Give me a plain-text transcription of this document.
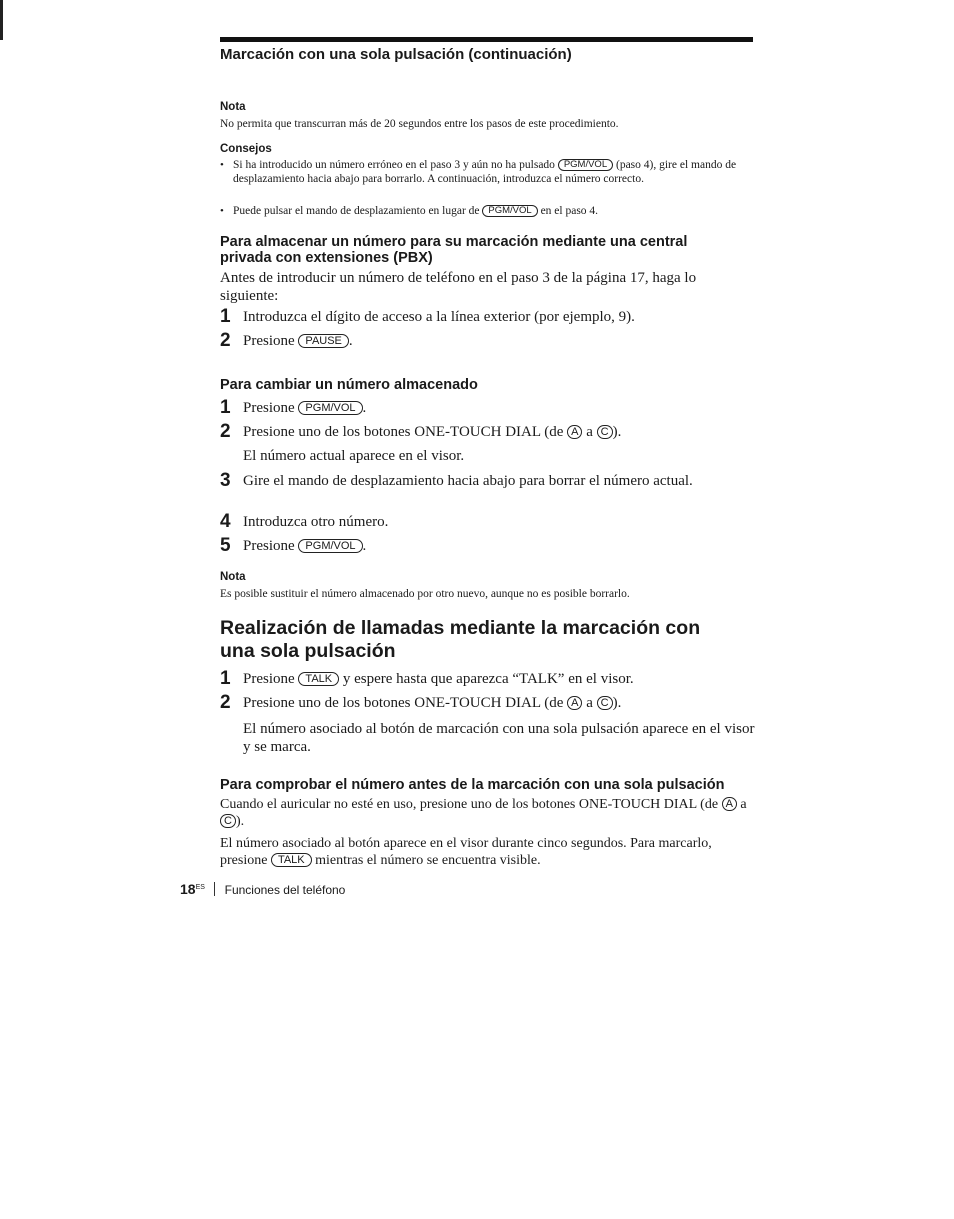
Marcación con una sola pulsación (continuación)
Nota
No permita que transcurran más de 20 segundos entre los pasos de este procedimiento.
Consejos
• Si ha introducido un número erróneo en el paso 3 y aún no ha pulsado PGM/VOL (paso 4), gire el mando de desplazamiento hacia abajo para borrarlo. A continuación, introduzca el número correcto.
• Puede pulsar el mando de desplazamiento en lugar de PGM/VOL en el paso 4.
Para almacenar un número para su marcación mediante una central privada con extensiones (PBX)
Antes de introducir un número de teléfono en el paso 3 de la página 17, haga lo siguiente:
1 Introduzca el dígito de acceso a la línea exterior (por ejemplo, 9).
2 Presione PAUSE .
Para cambiar un número almacenado
1 Presione PGM/VOL .
2 Presione uno de los botones ONE-TOUCH DIAL (de A a C ).
El número actual aparece en el visor.
3 Gire el mando de desplazamiento hacia abajo para borrar el número actual.
4 Introduzca otro número.
5 Presione PGM/VOL .
Nota
Es posible sustituir el número almacenado por otro nuevo, aunque no es posible borrarlo.
Realización de llamadas mediante la marcación con una sola pulsación
1 Presione TALK y espere hasta que aparezca “TALK” en el visor.
2 Presione uno de los botones ONE-TOUCH DIAL (de A a C ).
El número asociado al botón de marcación con una sola pulsación aparece en el visor y se marca.
Para comprobar el número antes de la marcación con una sola pulsación
Cuando el auricular no esté en uso, presione uno de los botones ONE-TOUCH DIAL (de A a C ).
El número asociado al botón aparece en el visor durante cinco segundos. Para marcarlo, presione TALK mientras el número se encuentra visible.
$18^{ES}$ Funciones del teléfono
